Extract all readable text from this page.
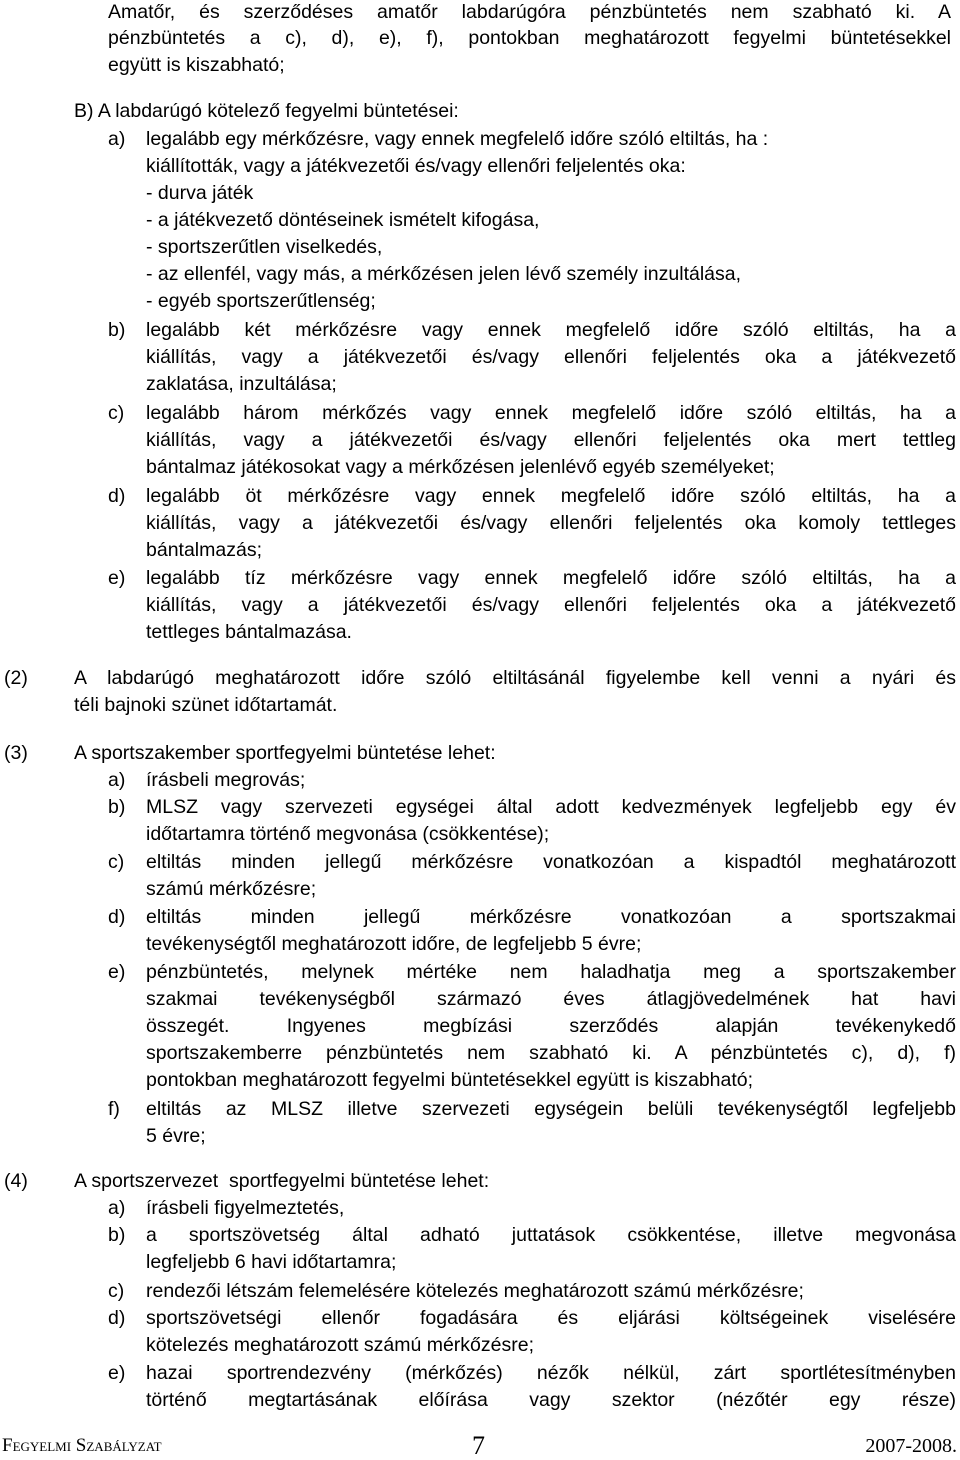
Amatőr, és szerződéses amatőr labdarúgóra pénzbüntetés nem szabható ki. A
pénzbüntetés a c), d), e), f), pontokban meghatározott fegyelmi büntetésekkel
együtt is kiszabható;
B) A labdarúgó kötelező fegyelmi büntetései:
a) legalább egy mérkőzésre, vagy ennek megfelelő időre szóló eltiltás, ha :
kiállították, vagy a játékvezetői és/vagy ellenőri feljelentés oka:
- durva játék
- a játékvezető döntéseinek ismételt kifogása,
- sportszerűtlen viselkedés,
- az ellenfél, vagy más, a mérkőzésen jelen lévő személy inzultálása,
- egyéb sportszerűtlenség;
b) legalább két mérkőzésre vagy ennek megfelelő időre szóló eltiltás, ha a
kiállítás, vagy a játékvezetői és/vagy ellenőri feljelentés oka a játékvezető
zaklatása, inzultálása;
c) legalább három mérkőzés vagy ennek megfelelő időre szóló eltiltás, ha a
kiállítás, vagy a játékvezetői és/vagy ellenőri feljelentés oka mert tettleg
bántalmaz játékosokat vagy a mérkőzésen jelenlévő egyéb személyeket;
d) legalább öt mérkőzésre vagy ennek megfelelő időre szóló eltiltás, ha a
kiállítás, vagy a játékvezetői és/vagy ellenőri feljelentés oka komoly tettleges
bántalmazás;
e) legalább tíz mérkőzésre vagy ennek megfelelő időre szóló eltiltás, ha a
kiállítás, vagy a játékvezetői és/vagy ellenőri feljelentés oka a játékvezető
tettleges bántalmazása.
(2) A labdarúgó meghatározott időre szóló eltiltásánál figyelembe kell venni a nyári és
téli bajnoki szünet időtartamát.
(3) A sportszakember sportfegyelmi büntetése lehet:
a) írásbeli megrovás;
b) MLSZ vagy szervezeti egységei által adott kedvezmények legfeljebb egy év
időtartamra történő megvonása (csökkentése);
c) eltiltás minden jellegű mérkőzésre vonatkozóan a kispadtól meghatározott
számú mérkőzésre;
d) eltiltás minden jellegű mérkőzésre vonatkozóan a sportszakmai
tevékenységtől meghatározott időre, de legfeljebb 5 évre;
e) pénzbüntetés, melynek mértéke nem haladhatja meg a sportszakember
szakmai tevékenységből származó éves átlagjövedelmének hat havi
összegét. Ingyenes megbízási szerződés alapján tevékenykedő
sportszakemberre pénzbüntetés nem szabható ki. A pénzbüntetés c), d), f)
pontokban meghatározott fegyelmi büntetésekkel együtt is kiszabható;
f) eltiltás az MLSZ illetve szervezeti egységein belüli tevékenységtől legfeljebb
5 évre;
(4) A sportszervezet  sportfegyelmi büntetése lehet:
a) írásbeli figyelmeztetés,
b) a sportszövetség által adható juttatások csökkentése, illetve megvonása
legfeljebb 6 havi időtartamra;
c) rendezői létszám felemelésére kötelezés meghatározott számú mérkőzésre;
d) sportszövetségi ellenőr fogadására és eljárási költségeinek viselésére
kötelezés meghatározott számú mérkőzésre;
e) hazai sportrendezvény (mérkőzés) nézők nélkül, zárt sportlétesítményben
történő megtartásának előírása vagy szektor (nézőtér egy része)
Fegyelmi Szabályzat	7	2007-2008.
